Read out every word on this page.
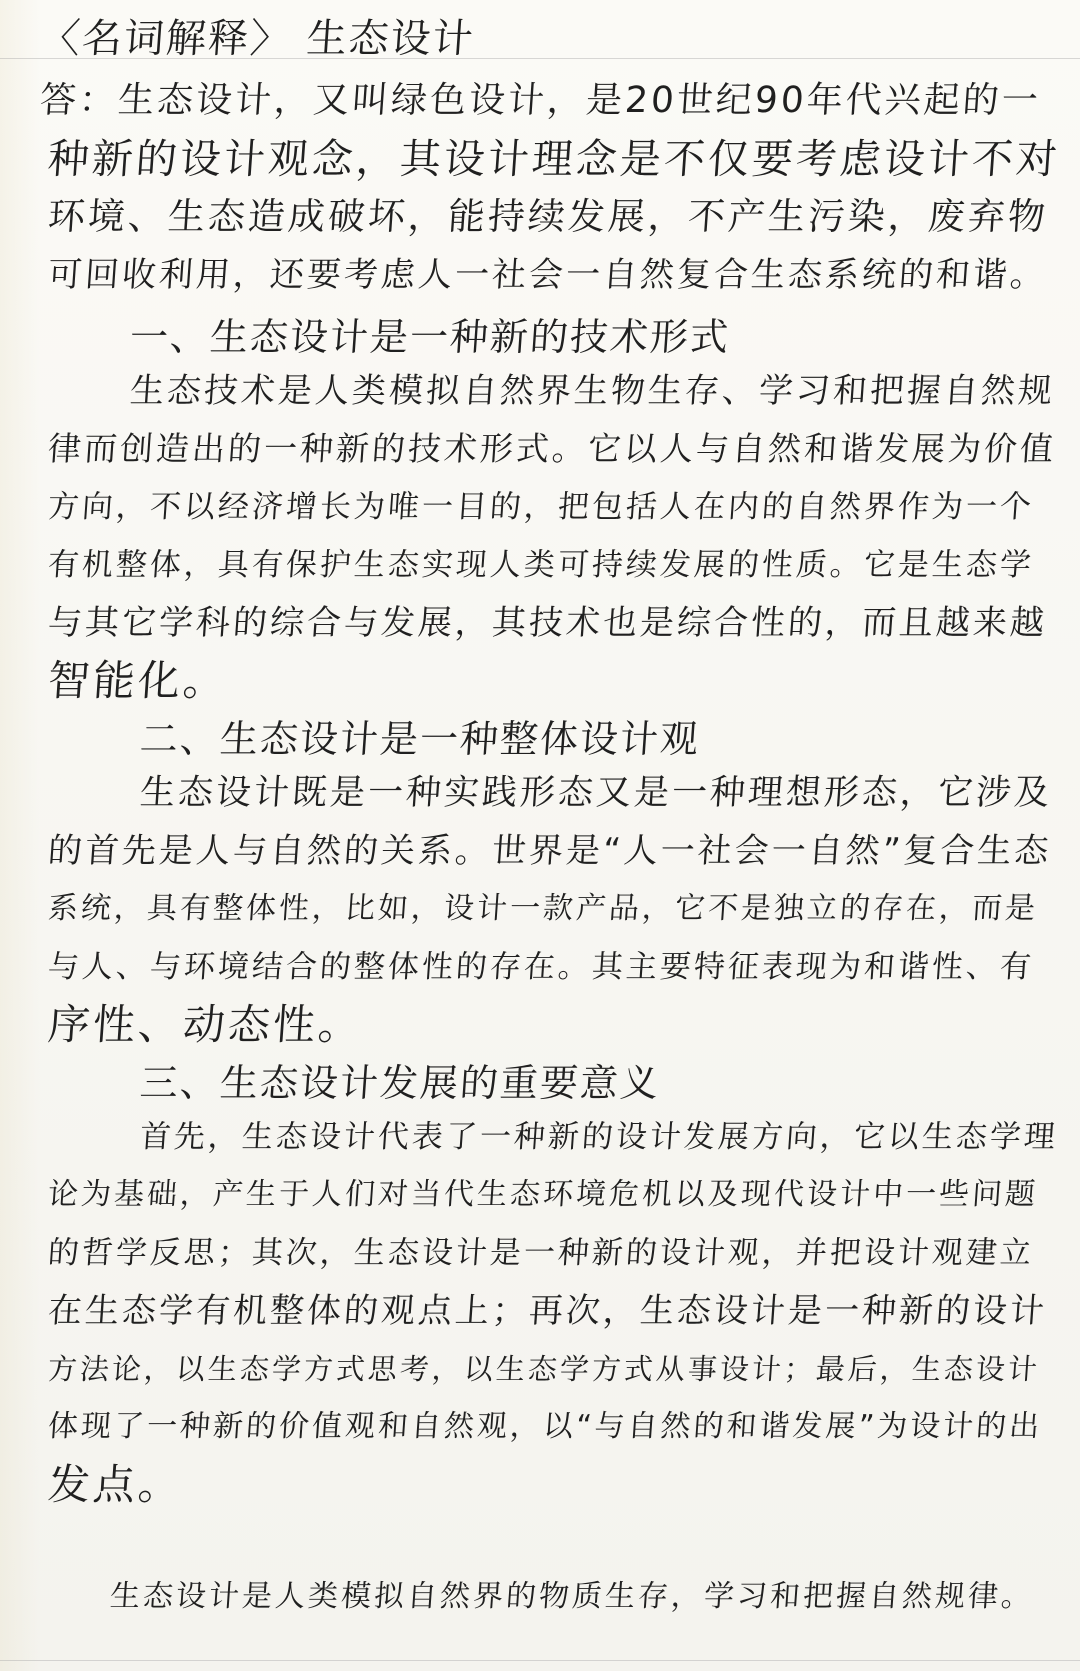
〈名词解释〉 生态设计
答：生态设计，又叫绿色设计，是20世纪90年代兴起的一
种新的设计观念，其设计理念是不仅要考虑设计不对
环境、生态造成破坏，能持续发展，不产生污染，废弃物
可回收利用，还要考虑人一社会一自然复合生态系统的和谐。
一、生态设计是一种新的技术形式
生态技术是人类模拟自然界生物生存、学习和把握自然规
律而创造出的一种新的技术形式。它以人与自然和谐发展为价值
方向，不以经济增长为唯一目的，把包括人在内的自然界作为一个
有机整体，具有保护生态实现人类可持续发展的性质。它是生态学
与其它学科的综合与发展，其技术也是综合性的，而且越来越
智能化。
二、生态设计是一种整体设计观
生态设计既是一种实践形态又是一种理想形态，它涉及
的首先是人与自然的关系。世界是“人一社会一自然”复合生态
系统，具有整体性，比如，设计一款产品，它不是独立的存在，而是
与人、与环境结合的整体性的存在。其主要特征表现为和谐性、有
序性、动态性。
三、生态设计发展的重要意义
首先，生态设计代表了一种新的设计发展方向，它以生态学理
论为基础，产生于人们对当代生态环境危机以及现代设计中一些问题
的哲学反思；其次，生态设计是一种新的设计观，并把设计观建立
在生态学有机整体的观点上；再次，生态设计是一种新的设计
方法论，以生态学方式思考，以生态学方式从事设计；最后，生态设计
体现了一种新的价值观和自然观，以“与自然的和谐发展”为设计的出
发点。
生态设计是人类模拟自然界的物质生存，学习和把握自然规律。
